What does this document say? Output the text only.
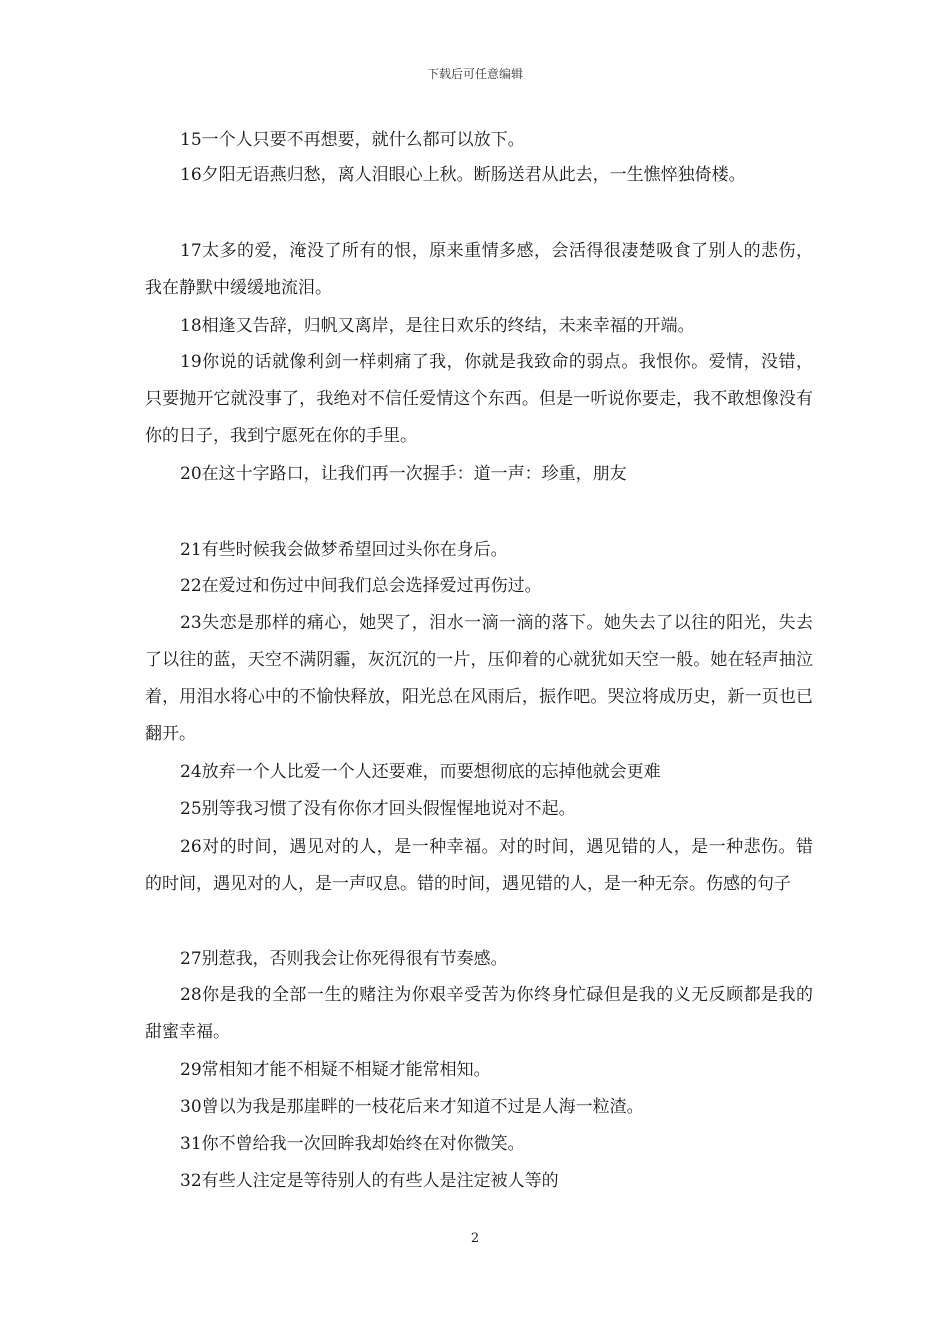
下载后可任意编辑
15一个人只要不再想要，就什么都可以放下。
16夕阳无语燕归愁，离人泪眼心上秋。断肠送君从此去，一生憔悴独倚楼。
17太多的爱，淹没了所有的恨，原来重情多感，会活得很凄楚吸食了别人的悲伤，我在静默中缓缓地流泪。
18相逢又告辞，归帆又离岸，是往日欢乐的终结，未来幸福的开端。
19你说的话就像利剑一样刺痛了我，你就是我致命的弱点。我恨你。爱情，没错，只要抛开它就没事了，我绝对不信任爱情这个东西。但是一听说你要走，我不敢想像没有你的日子，我到宁愿死在你的手里。
20在这十字路口，让我们再一次握手：道一声：珍重，朋友
21有些时候我会做梦希望回过头你在身后。
22在爱过和伤过中间我们总会选择爱过再伤过。
23失恋是那样的痛心，她哭了，泪水一滴一滴的落下。她失去了以往的阳光，失去了以往的蓝，天空不满阴霾，灰沉沉的一片，压仰着的心就犹如天空一般。她在轻声抽泣着，用泪水将心中的不愉快释放，阳光总在风雨后，振作吧。哭泣将成历史，新一页也已翻开。
24放弃一个人比爱一个人还要难，而要想彻底的忘掉他就会更难
25别等我习惯了没有你你才回头假惺惺地说对不起。
26对的时间，遇见对的人，是一种幸福。对的时间，遇见错的人，是一种悲伤。错的时间，遇见对的人，是一声叹息。错的时间，遇见错的人，是一种无奈。伤感的句子
27别惹我，否则我会让你死得很有节奏感。
28你是我的全部一生的赌注为你艰辛受苦为你终身忙碌但是我的义无反顾都是我的甜蜜幸福。
29常相知才能不相疑不相疑才能常相知。
30曾以为我是那崖畔的一枝花后来才知道不过是人海一粒渣。
31你不曾给我一次回眸我却始终在对你微笑。
32有些人注定是等待别人的有些人是注定被人等的
2
